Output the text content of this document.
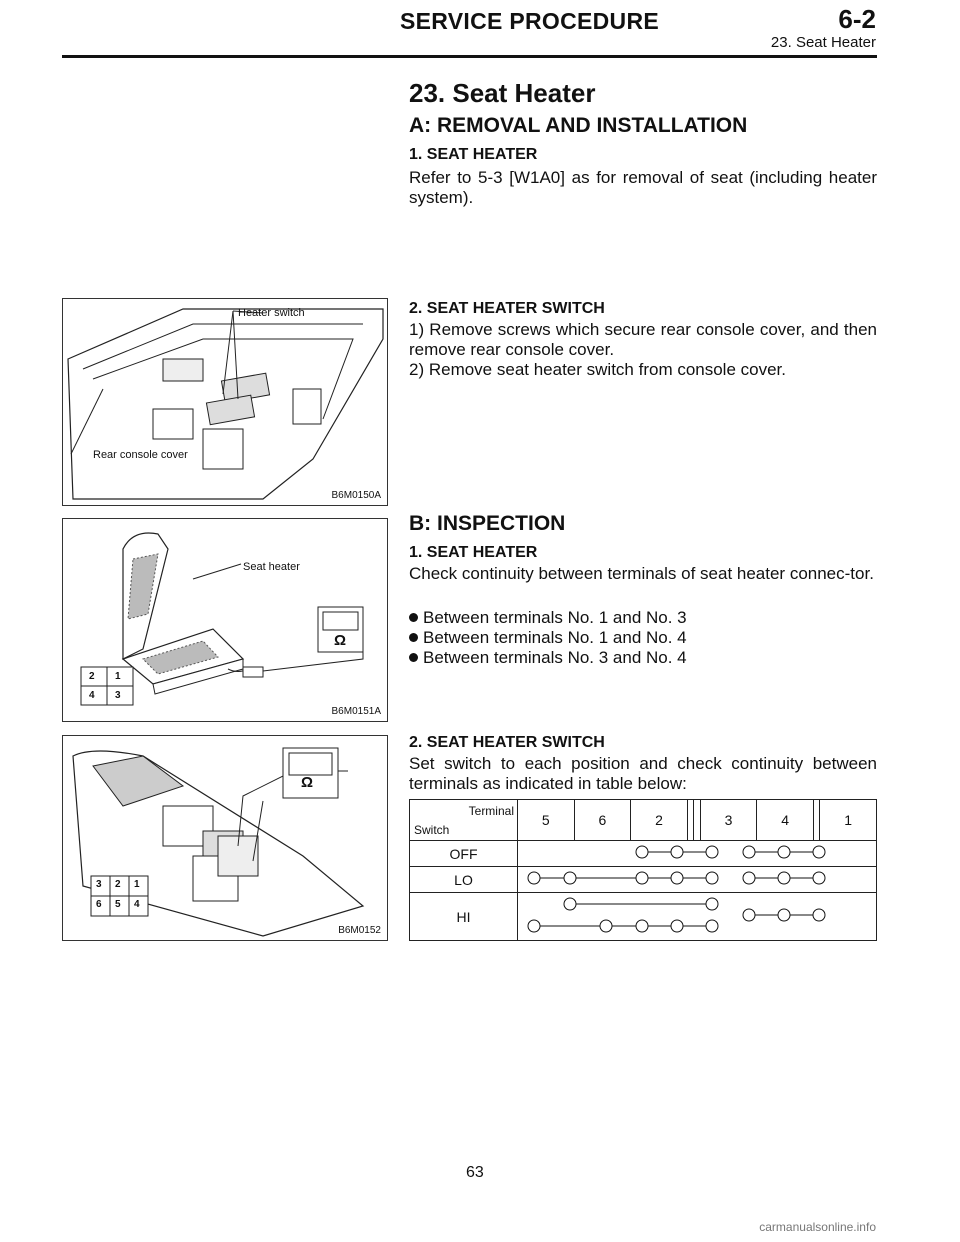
SERVICE PROCEDURE	6-2
23. Seat Heater
23. Seat Heater
A: REMOVAL AND INSTALLATION
1. SEAT HEATER
Refer to 5-3 [W1A0] as for removal of seat (including heater system).
2. SEAT HEATER SWITCH
1) Remove screws which secure rear console cover, and then remove rear console cover.
2) Remove seat heater switch from console cover.
B: INSPECTION
1. SEAT HEATER
Check continuity between terminals of seat heater connec-tor.
Between terminals No. 1 and No. 3
Between terminals No. 1 and No. 4
Between terminals No. 3 and No. 4
2. SEAT HEATER SWITCH
Set switch to each position and check continuity between terminals as indicated in table below:
Terminal
Switch	5	6	2			3	4		1
OFF	
LO	
HI	
Heater switch
Rear console cover
B6M0150A
Seat heater
Ω
2 1
4 3
B6M0151A
Ω
3 2 1
6 5 4
B6M0152
63
carmanualsonline.info
